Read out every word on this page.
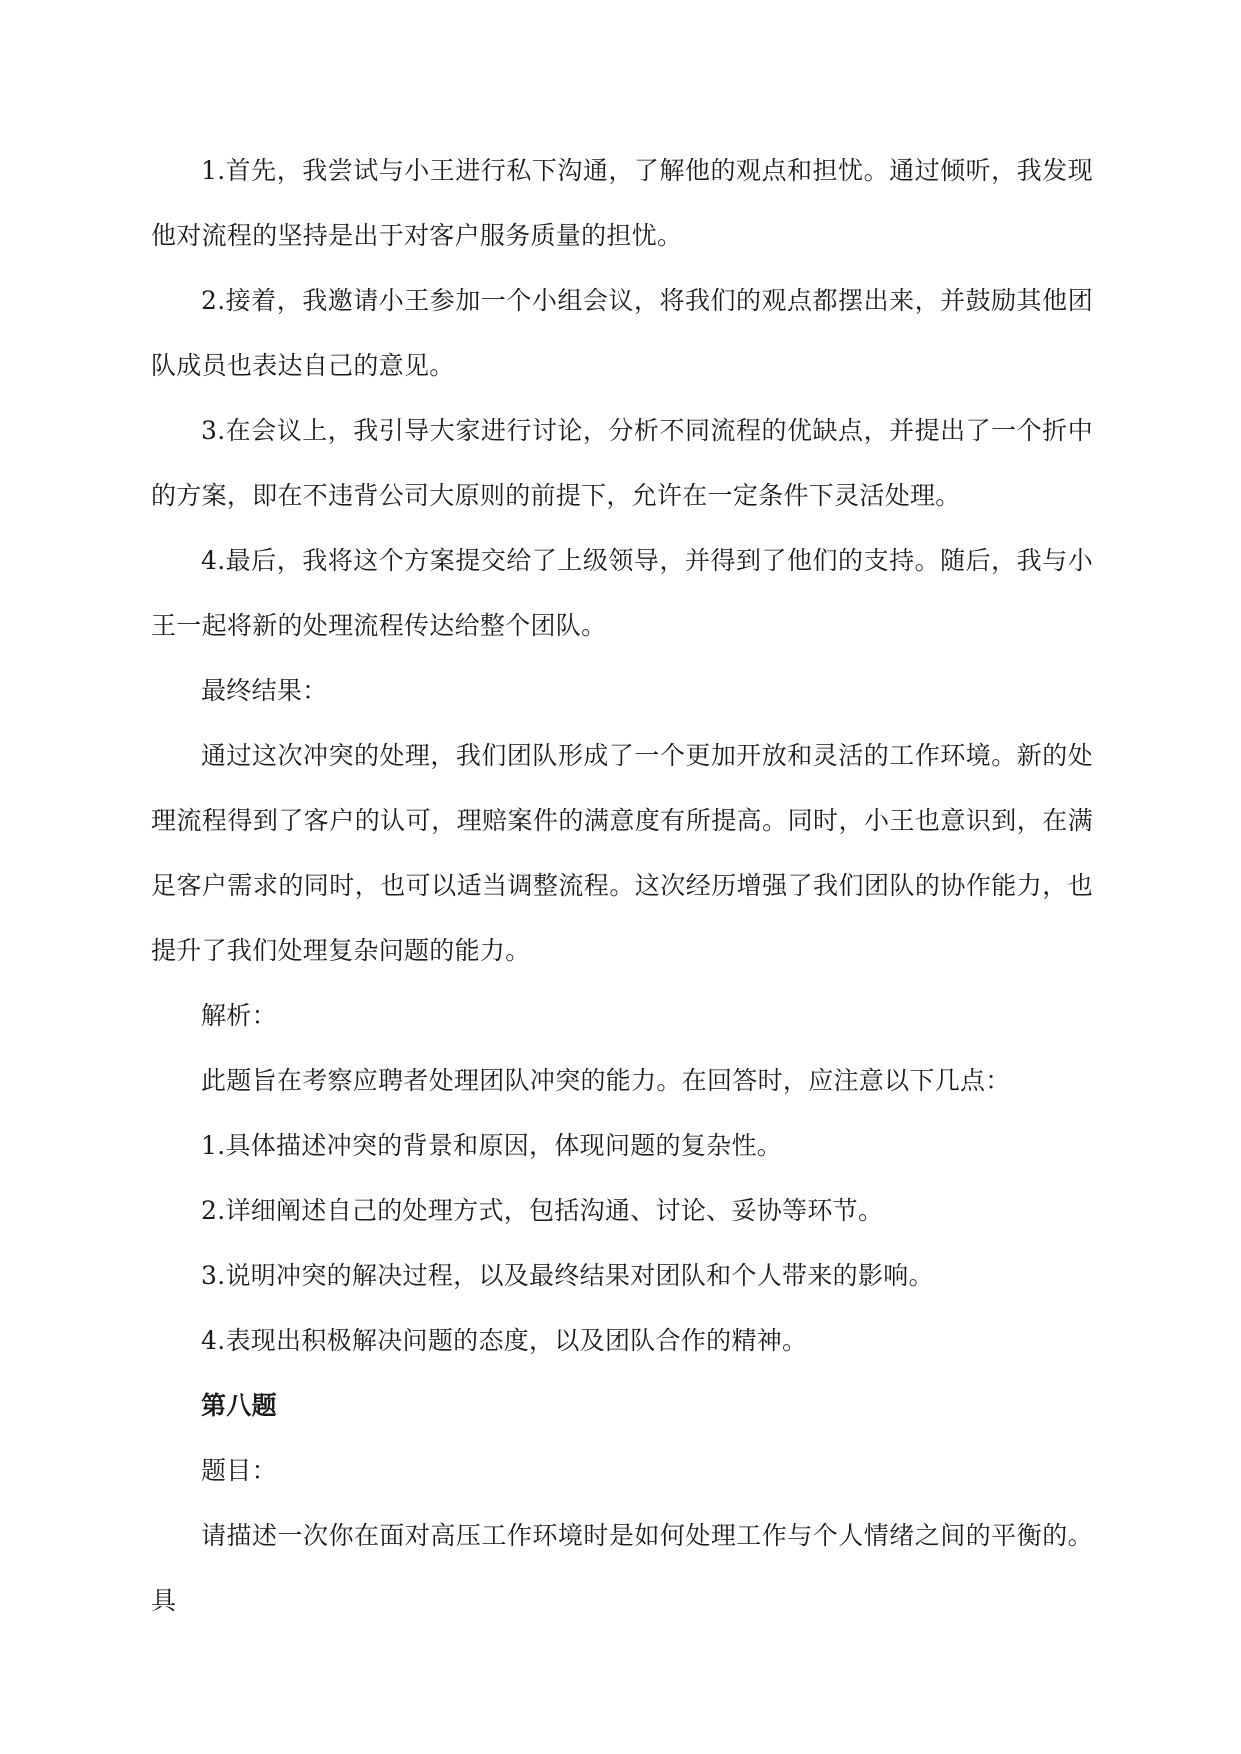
1.首先，我尝试与小王进行私下沟通，了解他的观点和担忧。通过倾听，我发现他对流程的坚持是出于对客户服务质量的担忧。

2.接着，我邀请小王参加一个小组会议，将我们的观点都摆出来，并鼓励其他团队成员也表达自己的意见。

3.在会议上，我引导大家进行讨论，分析不同流程的优缺点，并提出了一个折中的方案，即在不违背公司大原则的前提下，允许在一定条件下灵活处理。

4.最后，我将这个方案提交给了上级领导，并得到了他们的支持。随后，我与小王一起将新的处理流程传达给整个团队。

最终结果：

通过这次冲突的处理，我们团队形成了一个更加开放和灵活的工作环境。新的处理流程得到了客户的认可，理赔案件的满意度有所提高。同时，小王也意识到，在满足客户需求的同时，也可以适当调整流程。这次经历增强了我们团队的协作能力，也提升了我们处理复杂问题的能力。

解析：

此题旨在考察应聘者处理团队冲突的能力。在回答时，应注意以下几点：

1.具体描述冲突的背景和原因，体现问题的复杂性。

2.详细阐述自己的处理方式，包括沟通、讨论、妥协等环节。

3.说明冲突的解决过程，以及最终结果对团队和个人带来的影响。

4.表现出积极解决问题的态度，以及团队合作的精神。

第八题

题目：

请描述一次你在面对高压工作环境时是如何处理工作与个人情绪之间的平衡的。具
